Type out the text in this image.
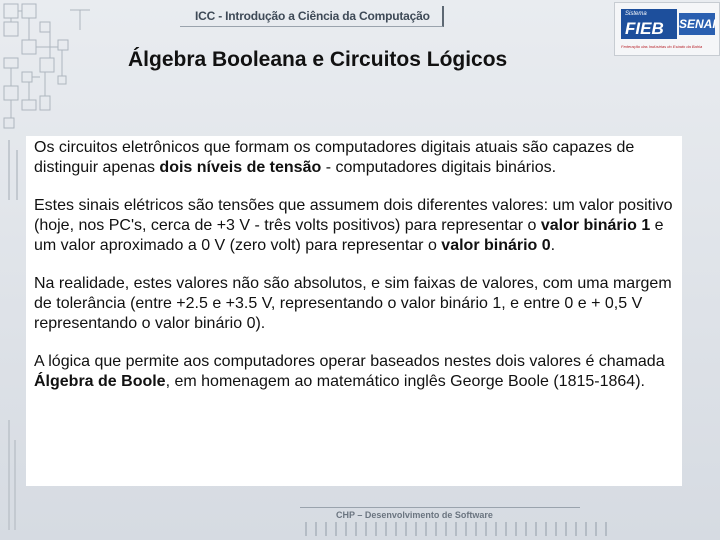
ICC - Introdução a Ciência da Computação	Sistema
FIEB SENAI
Federação das Indústrias do Estado da Bahia
Álgebra Booleana e Circuitos Lógicos

Os circuitos eletrônicos que formam os computadores digitais atuais são capazes de distinguir apenas dois níveis de tensão - computadores digitais binários.

Estes sinais elétricos são tensões que assumem dois diferentes valores: um valor positivo (hoje, nos PC's, cerca de +3 V - três volts positivos) para representar o valor binário 1 e um valor aproximado a 0 V (zero volt) para representar o valor binário 0.

Na realidade, estes valores não são absolutos, e sim faixas de valores, com uma margem de tolerância (entre +2.5 e +3.5 V, representando o valor binário 1, e entre 0 e + 0,5 V representando o valor binário 0).

A lógica que permite aos computadores operar baseados nestes dois valores é chamada Álgebra de Boole, em homenagem ao matemático inglês George Boole (1815-1864).

CHP – Desenvolvimento de Software
